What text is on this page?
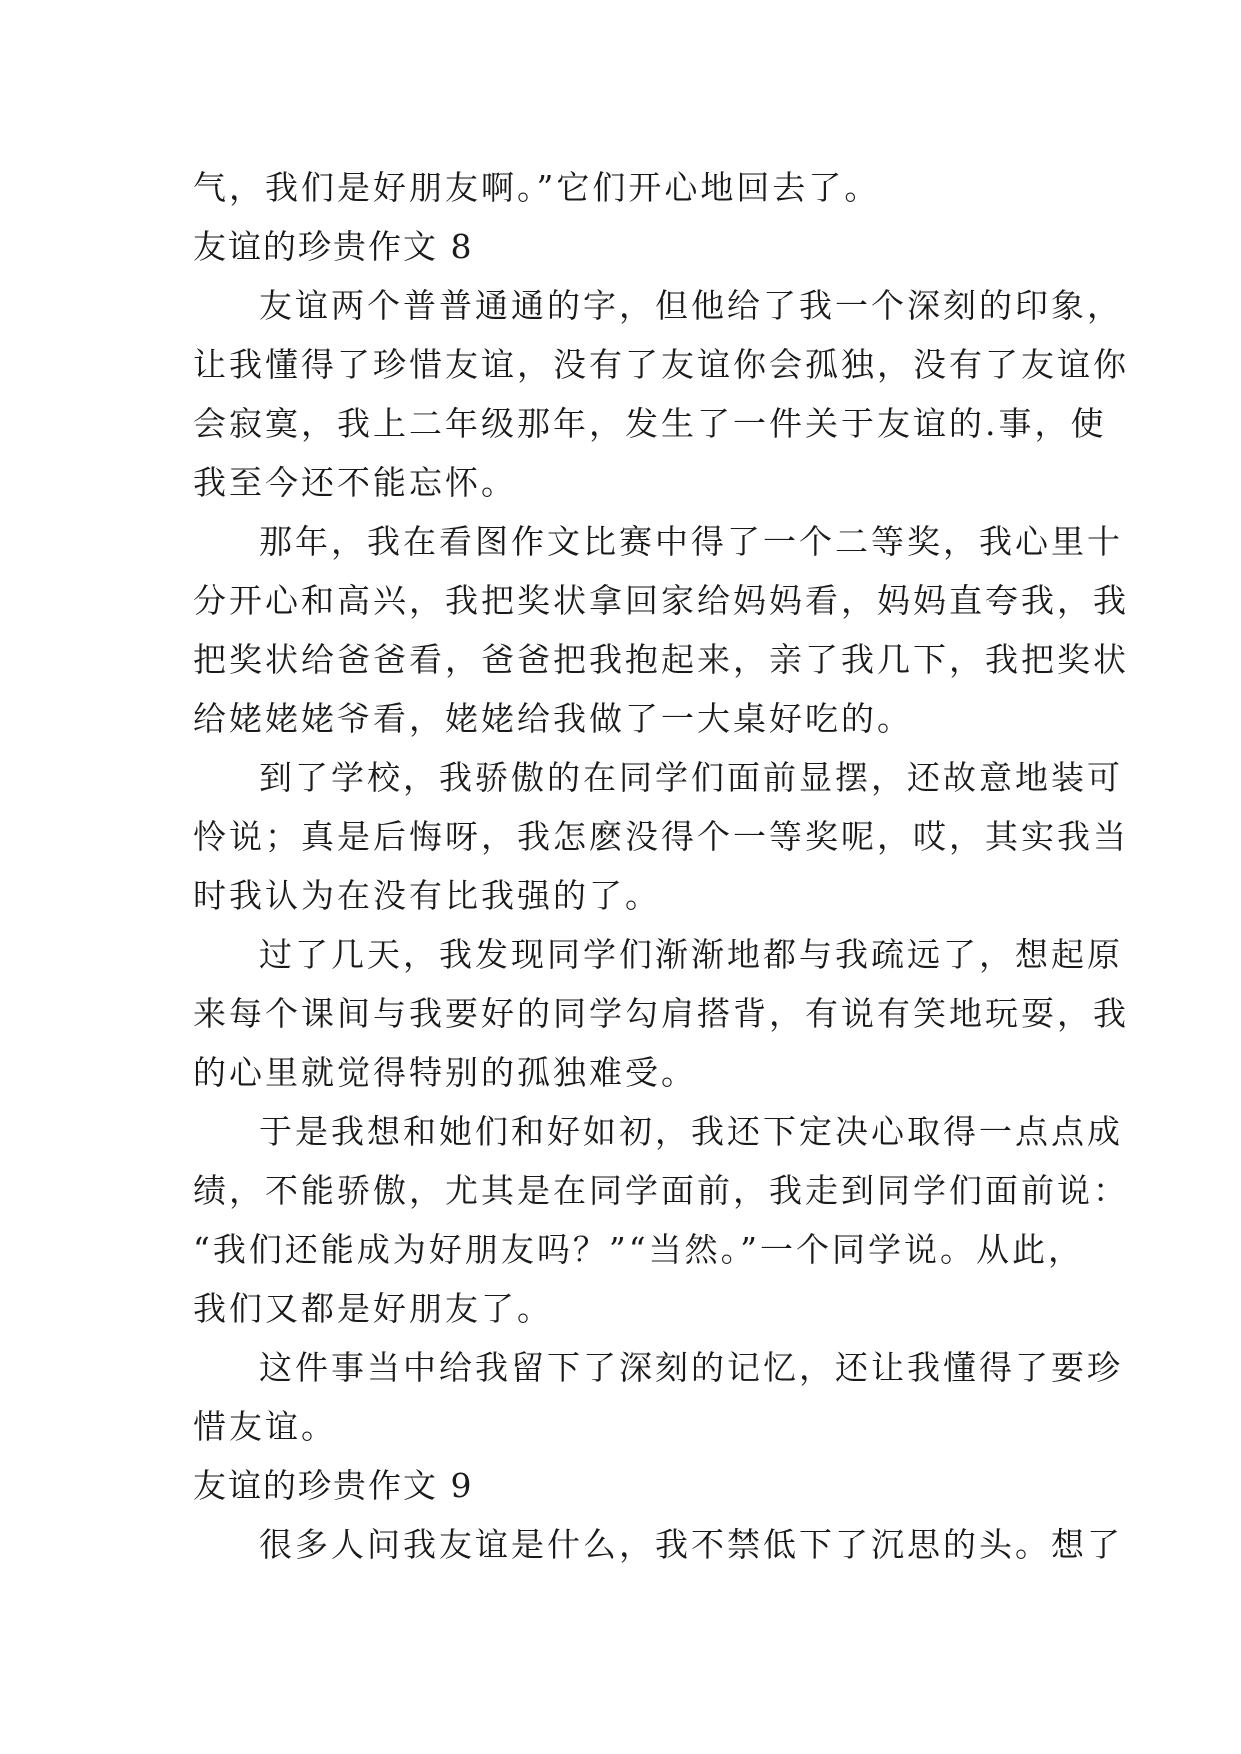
气，我们是好朋友啊。”它们开心地回去了。

友谊的珍贵作文 8

友谊两个普普通通的字，但他给了我一个深刻的印象，
让我懂得了珍惜友谊，没有了友谊你会孤独，没有了友谊你
会寂寞，我上二年级那年，发生了一件关于友谊的.事，使
我至今还不能忘怀。

那年，我在看图作文比赛中得了一个二等奖，我心里十
分开心和高兴，我把奖状拿回家给妈妈看，妈妈直夸我，我
把奖状给爸爸看，爸爸把我抱起来，亲了我几下，我把奖状
给姥姥姥爷看，姥姥给我做了一大桌好吃的。

到了学校，我骄傲的在同学们面前显摆，还故意地装可
怜说；真是后悔呀，我怎麽没得个一等奖呢，哎，其实我当
时我认为在没有比我强的了。

过了几天，我发现同学们渐渐地都与我疏远了，想起原
来每个课间与我要好的同学勾肩搭背，有说有笑地玩耍，我
的心里就觉得特别的孤独难受。

于是我想和她们和好如初，我还下定决心取得一点点成
绩，不能骄傲，尤其是在同学面前，我走到同学们面前说：
“我们还能成为好朋友吗？”“当然。”一个同学说。从此，
我们又都是好朋友了。

这件事当中给我留下了深刻的记忆，还让我懂得了要珍
惜友谊。

友谊的珍贵作文 9

很多人问我友谊是什么，我不禁低下了沉思的头。想了
